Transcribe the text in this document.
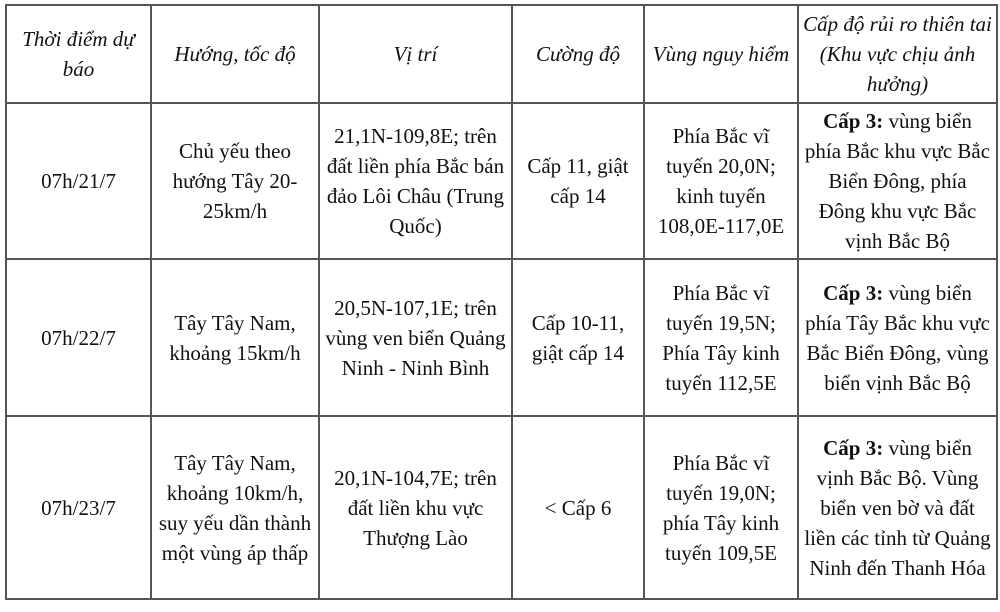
Thời điểm dự báo	Hướng, tốc độ	Vị trí	Cường độ	Vùng nguy hiểm	Cấp độ rủi ro thiên tai (Khu vực chịu ảnh hưởng)
07h/21/7	Chủ yếu theo hướng Tây 20-25km/h	21,1N-109,8E; trên đất liền phía Bắc bán đảo Lôi Châu (Trung Quốc)	Cấp 11, giật cấp 14	Phía Bắc vĩ tuyến 20,0N; kinh tuyến 108,0E-117,0E	Cấp 3: vùng biển phía Bắc khu vực Bắc Biển Đông, phía Đông khu vực Bắc vịnh Bắc Bộ
07h/22/7	Tây Tây Nam, khoảng 15km/h	20,5N-107,1E; trên vùng ven biển Quảng Ninh - Ninh Bình	Cấp 10-11, giật cấp 14	Phía Bắc vĩ tuyến 19,5N; Phía Tây kinh tuyến 112,5E	Cấp 3: vùng biển phía Tây Bắc khu vực Bắc Biển Đông, vùng biển vịnh Bắc Bộ
07h/23/7	Tây Tây Nam, khoảng 10km/h, suy yếu dần thành một vùng áp thấp	20,1N-104,7E; trên đất liền khu vực Thượng Lào	< Cấp 6	Phía Bắc vĩ tuyến 19,0N; phía Tây kinh tuyến 109,5E	Cấp 3: vùng biển vịnh Bắc Bộ. Vùng biển ven bờ và đất liền các tỉnh từ Quảng Ninh đến Thanh Hóa
